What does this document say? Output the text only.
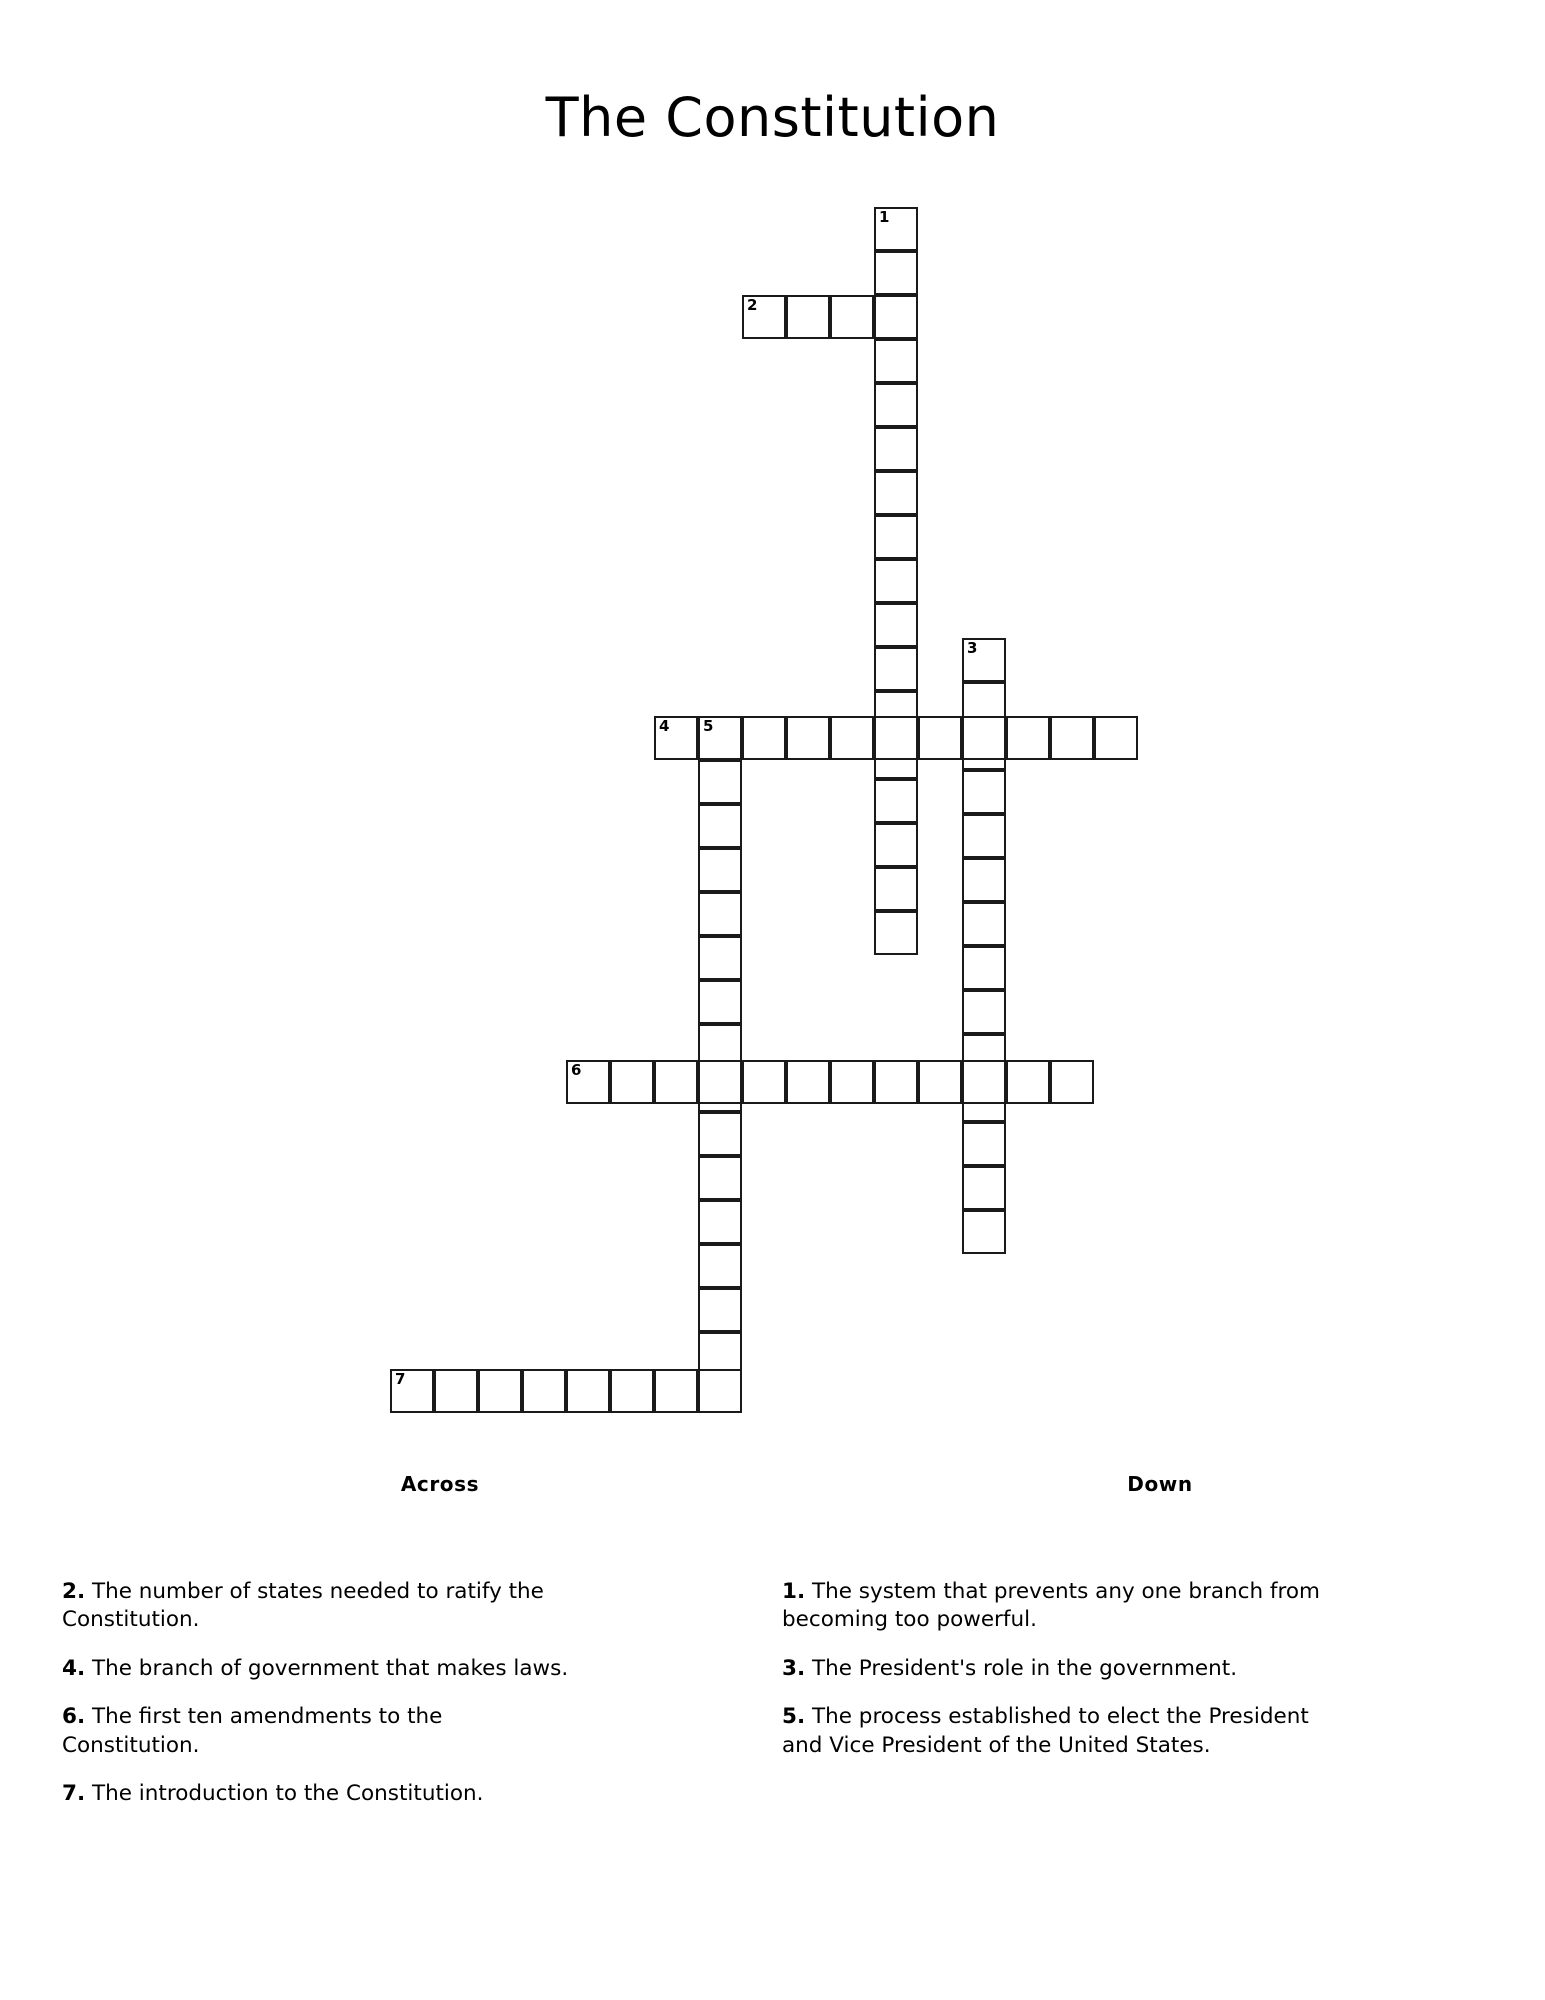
The Constitution
1
2
3
4 5
6
7
Across	Down

2. The number of states needed to ratify the Constitution.

4. The branch of government that makes laws.

6. The first ten amendments to the Constitution.

7. The introduction to the Constitution.

1. The system that prevents any one branch from becoming too powerful.

3. The President's role in the government.

5. The process established to elect the President and Vice President of the United States.
